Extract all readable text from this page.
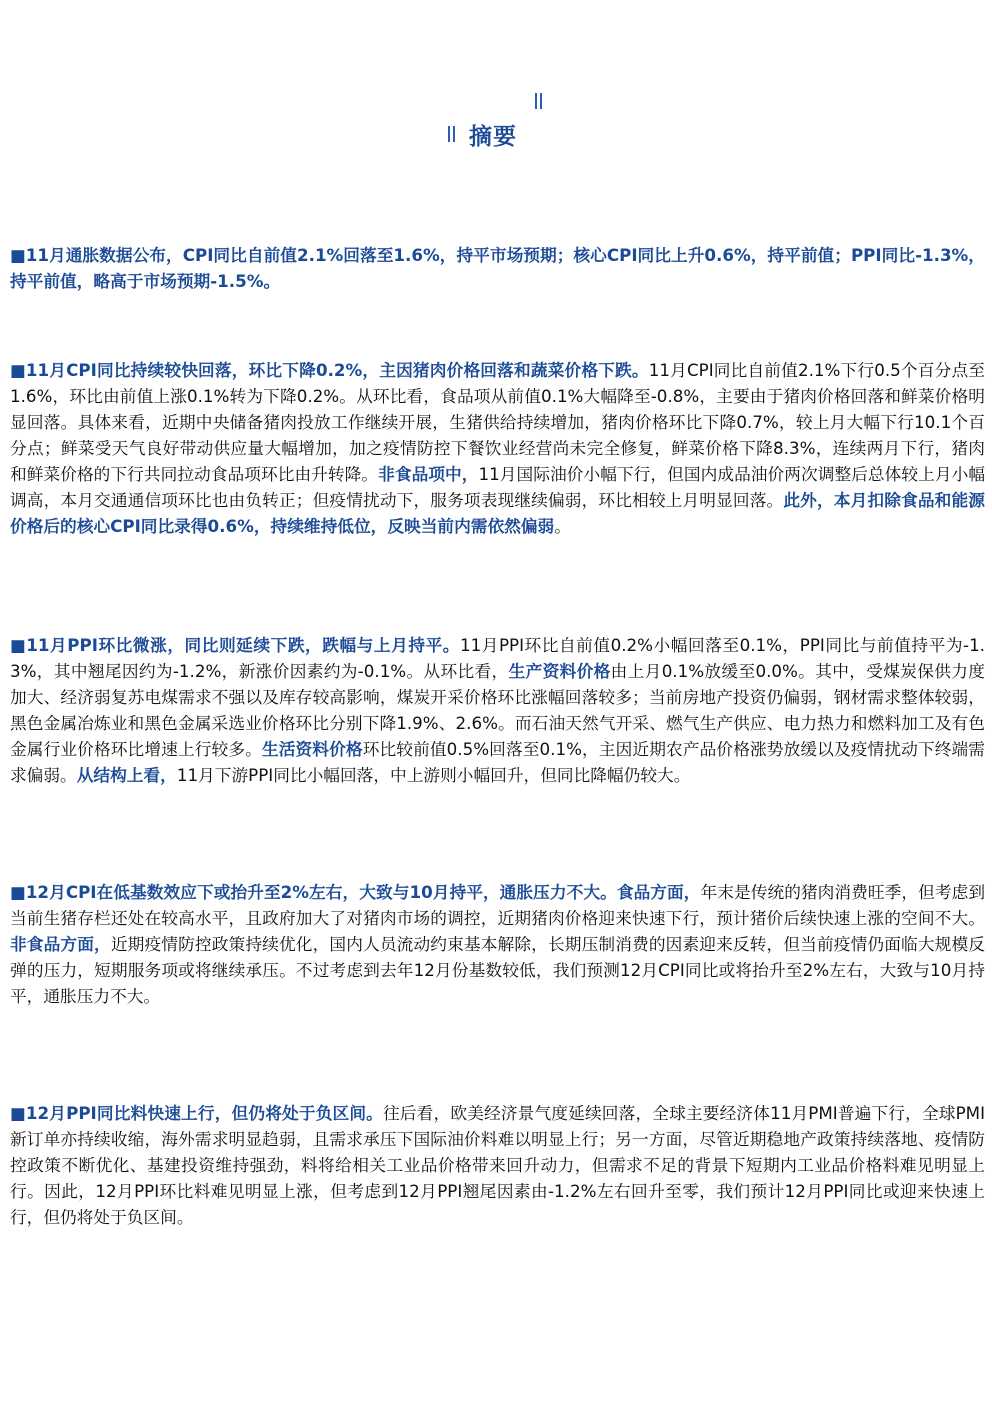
摘要

■11月通胀数据公布，CPI同比自前值2.1%回落至1.6%，持平市场预期；核心CPI同比上升0.6%，持平前值；PPI同比-1.3%，持平前值，略高于市场预期-1.5%。

■11月CPI同比持续较快回落，环比下降0.2%，主因猪肉价格回落和蔬菜价格下跌。11月CPI同比自前值2.1%下行0.5个百分点至1.6%，环比由前值上涨0.1%转为下降0.2%。从环比看，食品项从前值0.1%大幅降至-0.8%，主要由于猪肉价格回落和鲜菜价格明显回落。具体来看，近期中央储备猪肉投放工作继续开展，生猪供给持续增加，猪肉价格环比下降0.7%，较上月大幅下行10.1个百分点；鲜菜受天气良好带动供应量大幅增加，加之疫情防控下餐饮业经营尚未完全修复，鲜菜价格下降8.3%，连续两月下行，猪肉和鲜菜价格的下行共同拉动食品项环比由升转降。非食品项中，11月国际油价小幅下行，但国内成品油价两次调整后总体较上月小幅调高，本月交通通信项环比也由负转正；但疫情扰动下，服务项表现继续偏弱，环比相较上月明显回落。此外，本月扣除食品和能源价格后的核心CPI同比录得0.6%，持续维持低位，反映当前内需依然偏弱。

■11月PPI环比微涨，同比则延续下跌，跌幅与上月持平。11月PPI环比自前值0.2%小幅回落至0.1%，PPI同比与前值持平为-1.3%，其中翘尾因约为-1.2%，新涨价因素约为-0.1%。从环比看，生产资料价格由上月0.1%放缓至0.0%。其中，受煤炭保供力度加大、经济弱复苏电煤需求不强以及库存较高影响，煤炭开采价格环比涨幅回落较多；当前房地产投资仍偏弱，钢材需求整体较弱，黑色金属冶炼业和黑色金属采选业价格环比分别下降1.9%、2.6%。而石油天然气开采、燃气生产供应、电力热力和燃料加工及有色金属行业价格环比增速上行较多。生活资料价格环比较前值0.5%回落至0.1%，主因近期农产品价格涨势放缓以及疫情扰动下终端需求偏弱。从结构上看，11月下游PPI同比小幅回落，中上游则小幅回升，但同比降幅仍较大。

■12月CPI在低基数效应下或抬升至2%左右，大致与10月持平，通胀压力不大。食品方面，年末是传统的猪肉消费旺季，但考虑到当前生猪存栏还处在较高水平，且政府加大了对猪肉市场的调控，近期猪肉价格迎来快速下行，预计猪价后续快速上涨的空间不大。非食品方面，近期疫情防控政策持续优化，国内人员流动约束基本解除，长期压制消费的因素迎来反转，但当前疫情仍面临大规模反弹的压力，短期服务项或将继续承压。不过考虑到去年12月份基数较低，我们预测12月CPI同比或将抬升至2%左右，大致与10月持平，通胀压力不大。

■12月PPI同比料快速上行，但仍将处于负区间。往后看，欧美经济景气度延续回落，全球主要经济体11月PMI普遍下行，全球PMI新订单亦持续收缩，海外需求明显趋弱，且需求承压下国际油价料难以明显上行；另一方面，尽管近期稳地产政策持续落地、疫情防控政策不断优化、基建投资维持强劲，料将给相关工业品价格带来回升动力，但需求不足的背景下短期内工业品价格料难见明显上行。因此，12月PPI环比料难见明显上涨，但考虑到12月PPI翘尾因素由-1.2%左右回升至零，我们预计12月PPI同比或迎来快速上行，但仍将处于负区间。
